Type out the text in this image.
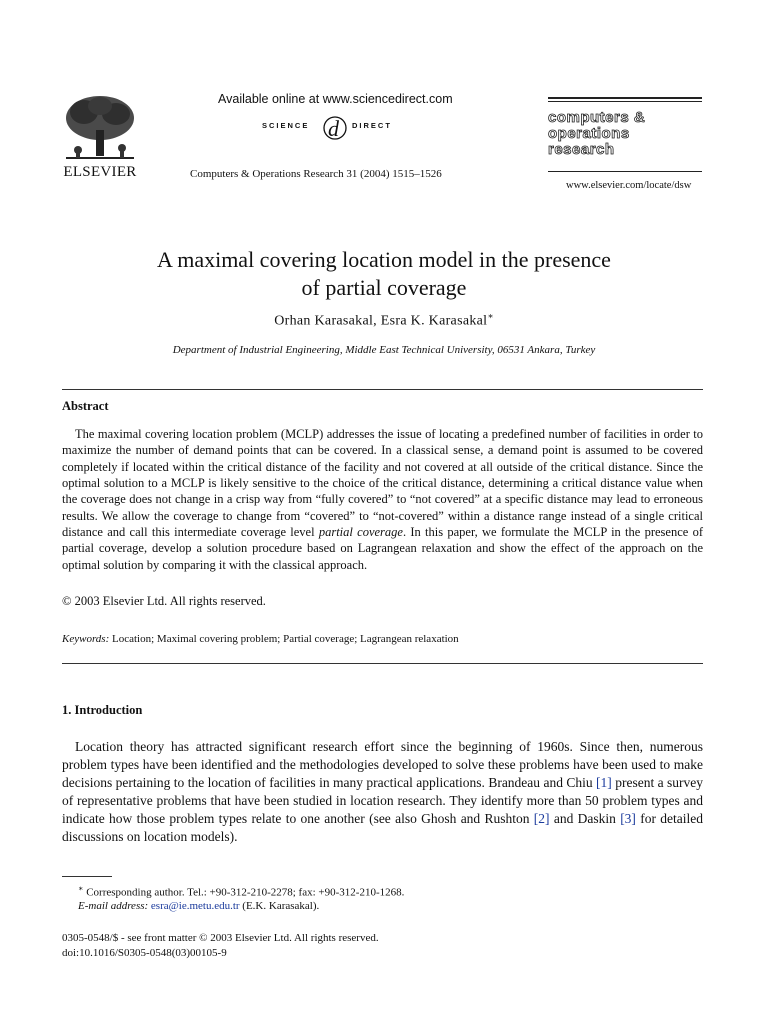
ELSEVIER
Available online at www.sciencedirect.com
SCIENCE d DIRECT
Computers & Operations Research 31 (2004) 1515–1526
computers &
operations
research
www.elsevier.com/locate/dsw
A maximal covering location model in the presence
of partial coverage
Orhan Karasakal, Esra K. Karasakal∗
Department of Industrial Engineering, Middle East Technical University, 06531 Ankara, Turkey
Abstract
The maximal covering location problem (MCLP) addresses the issue of locating a predefined number of facilities in order to maximize the number of demand points that can be covered. In a classical sense, a demand point is assumed to be covered completely if located within the critical distance of the facility and not covered at all outside of the critical distance. Since the optimal solution to a MCLP is likely sensitive to the choice of the critical distance, determining a critical distance value when the coverage does not change in a crisp way from “fully covered” to “not covered” at a specific distance may lead to erroneous results. We allow the coverage to change from “covered” to “not-covered” within a distance range instead of a single critical distance and call this intermediate coverage level partial coverage. In this paper, we formulate the MCLP in the presence of partial coverage, develop a solution procedure based on Lagrangean relaxation and show the effect of the approach on the optimal solution by comparing it with the classical approach.
© 2003 Elsevier Ltd. All rights reserved.
Keywords: Location; Maximal covering problem; Partial coverage; Lagrangean relaxation
1. Introduction
Location theory has attracted significant research effort since the beginning of 1960s. Since then, numerous problem types have been identified and the methodologies developed to solve these problems have been used to make decisions pertaining to the location of facilities in many practical applications. Brandeau and Chiu [1] present a survey of representative problems that have been studied in location research. They identify more than 50 problem types and indicate how those problem types relate to one another (see also Ghosh and Rushton [2] and Daskin [3] for detailed discussions on location models).
∗ Corresponding author. Tel.: +90-312-210-2278; fax: +90-312-210-1268.
E-mail address: esra@ie.metu.edu.tr (E.K. Karasakal).
0305-0548/$ - see front matter © 2003 Elsevier Ltd. All rights reserved.
doi:10.1016/S0305-0548(03)00105-9
